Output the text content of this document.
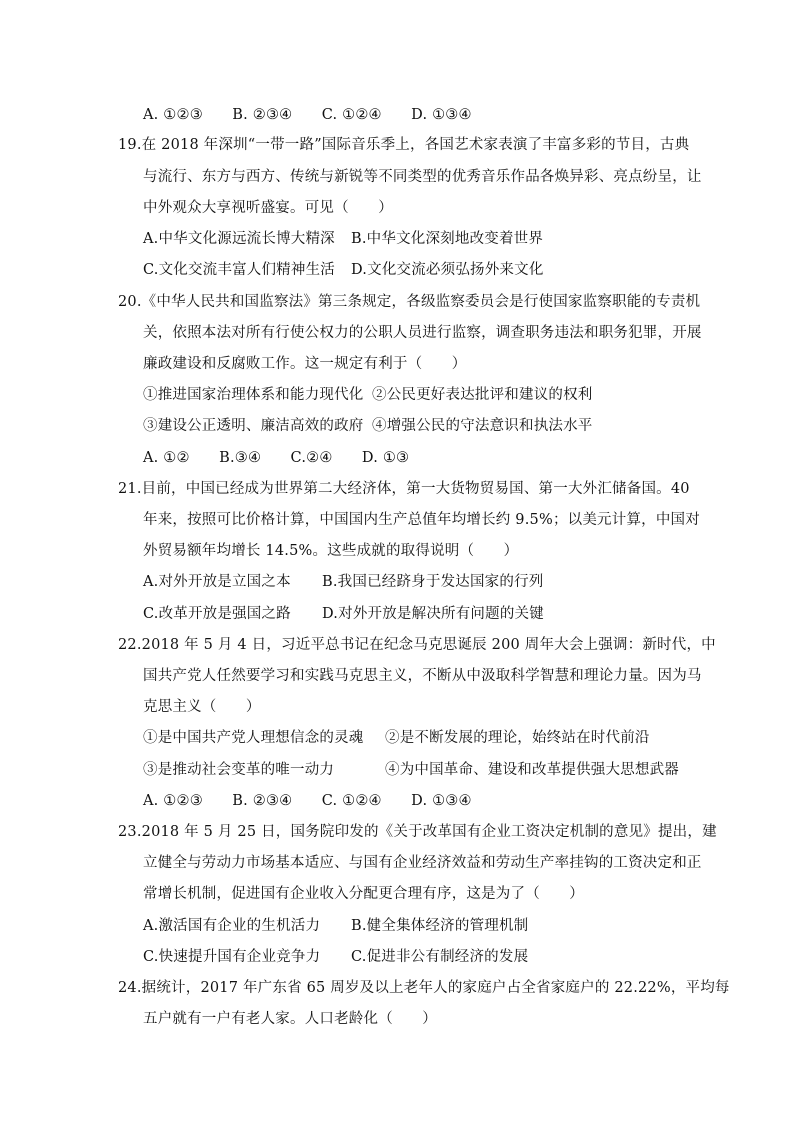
A. ①②③　　B. ②③④　　C. ①②④　　D. ①③④
19.在 2018 年深圳“一带一路”国际音乐季上，各国艺术家表演了丰富多彩的节目，古典
与流行、东方与西方、传统与新锐等不同类型的优秀音乐作品各焕异彩、亮点纷呈，让
中外观众大享视听盛宴。可见（　　）
A.中华文化源远流长博大精深 B.中华文化深刻地改变着世界
C.文化交流丰富人们精神生活 D.文化交流必须弘扬外来文化
20.《中华人民共和国监察法》第三条规定，各级监察委员会是行使国家监察职能的专责机
关，依照本法对所有行使公权力的公职人员进行监察，调查职务违法和职务犯罪，开展
廉政建设和反腐败工作。这一规定有利于（　　）
①推进国家治理体系和能力现代化 ②公民更好表达批评和建议的权利
③建设公正透明、廉洁高效的政府 ④增强公民的守法意识和执法水平
A. ①②　　B.③④　　C.②④　　D. ①③
21.目前，中国已经成为世界第二大经济体，第一大货物贸易国、第一大外汇储备国。40
年来，按照可比价格计算，中国国内生产总值年均增长约 9.5%；以美元计算，中国对
外贸易额年均增长 14.5%。这些成就的取得说明（　　）
A.对外开放是立国之本 B.我国已经跻身于发达国家的行列
C.改革开放是强国之路 D.对外开放是解决所有问题的关键
22.2018 年 5 月 4 日，习近平总书记在纪念马克思诞辰 200 周年大会上强调：新时代，中
国共产党人任然要学习和实践马克思主义，不断从中汲取科学智慧和理论力量。因为马
克思主义（　　）
①是中国共产党人理想信念的灵魂 ②是不断发展的理论，始终站在时代前沿
③是推动社会变革的唯一动力	④为中国革命、建设和改革提供强大思想武器
A. ①②③　　B. ②③④　　C. ①②④　　D. ①③④
23.2018 年 5 月 25 日，国务院印发的《关于改革国有企业工资决定机制的意见》提出，建
立健全与劳动力市场基本适应、与国有企业经济效益和劳动生产率挂钩的工资决定和正
常增长机制，促进国有企业收入分配更合理有序，这是为了（　　）
A.激活国有企业的生机活力 B.健全集体经济的管理机制
C.快速提升国有企业竞争力 C.促进非公有制经济的发展
24.据统计，2017 年广东省 65 周岁及以上老年人的家庭户占全省家庭户的 22.22%，平均每
五户就有一户有老人家。人口老龄化（　　）
